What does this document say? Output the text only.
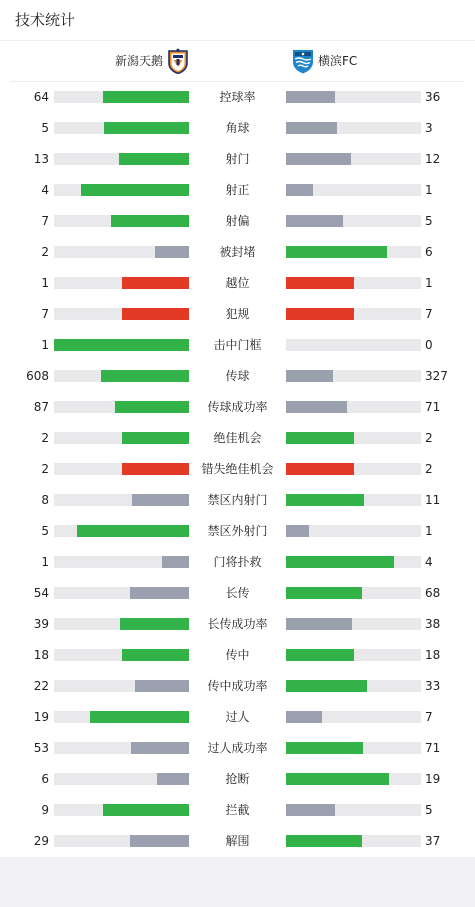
技术统计
新潟天鹅	横滨FC
64	控球率	36
5	角球	3
13	射门	12
4	射正	1
7	射偏	5
2	被封堵	6
1	越位	1
7	犯规	7
1	击中门框	0
608	传球	327
87	传球成功率	71
2	绝佳机会	2
2	错失绝佳机会	2
8	禁区内射门	11
5	禁区外射门	1
1	门将扑救	4
54	长传	68
39	长传成功率	38
18	传中	18
22	传中成功率	33
19	过人	7
53	过人成功率	71
6	抢断	19
9	拦截	5
29	解围	37
